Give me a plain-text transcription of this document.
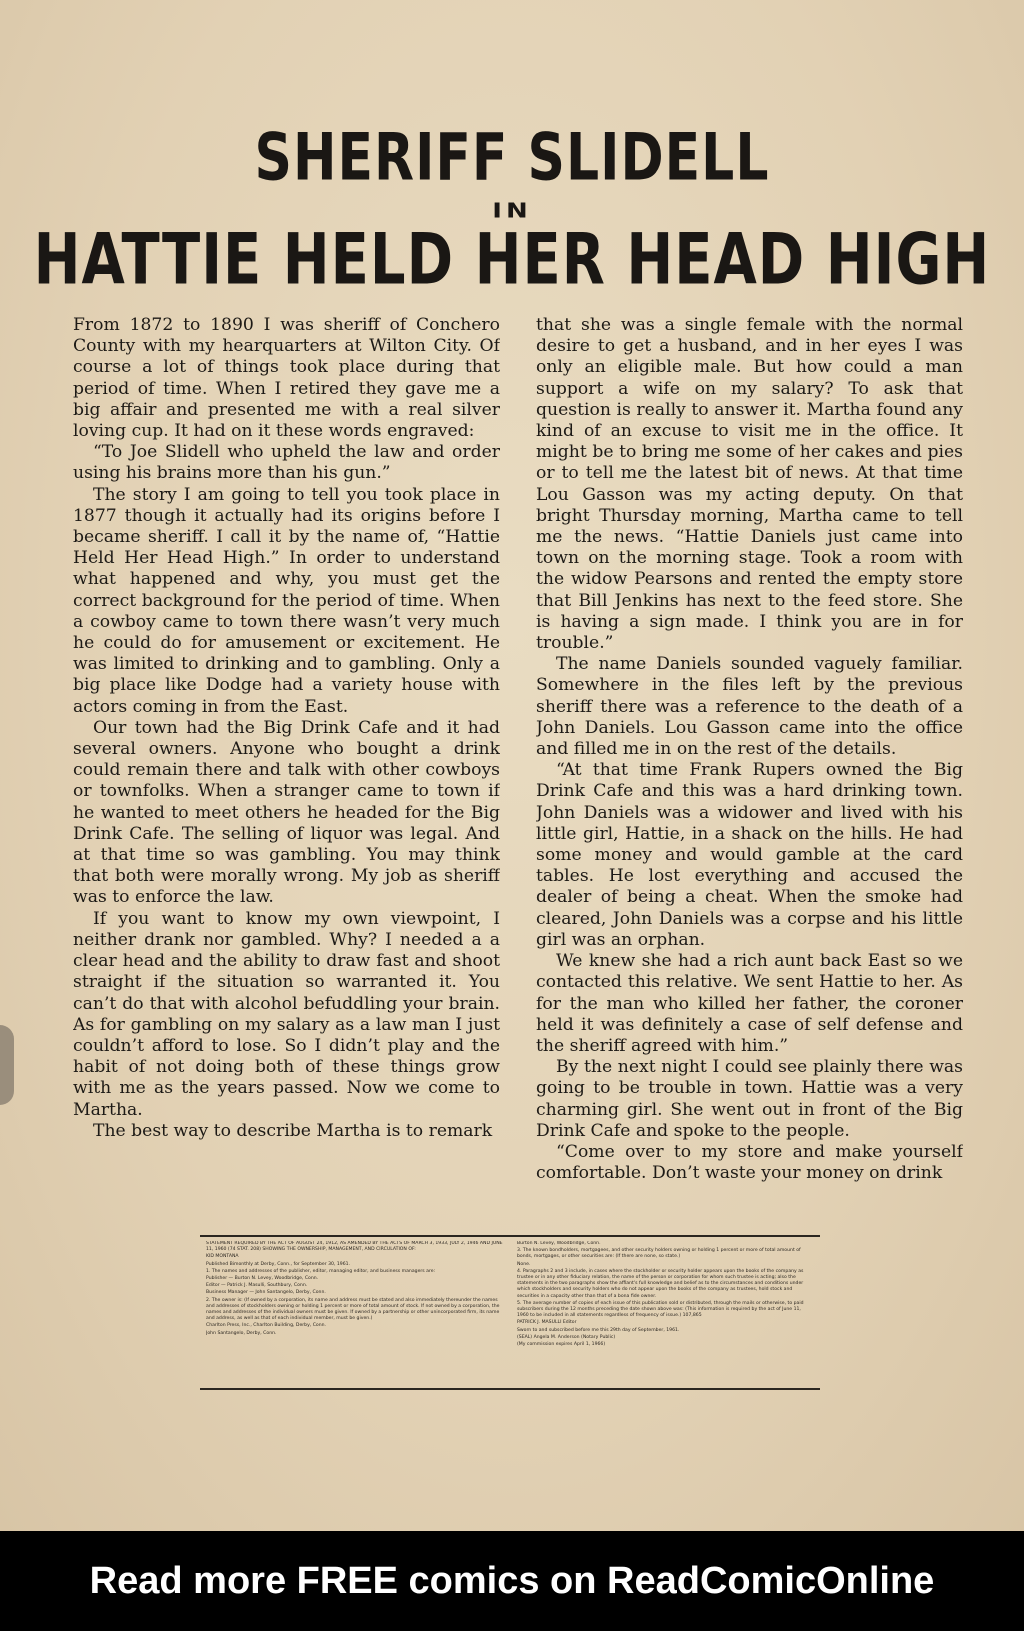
SHERIFF SLIDELL
IN
HATTIE HELD HER HEAD HIGH

From 1872 to 1890 I was sheriff of Conchero County with my hearquarters at Wilton City. Of course a lot of things took place during that period of time. When I retired they gave me a big affair and presented me with a real silver loving cup. It had on it these words engraved:

“To Joe Slidell who upheld the law and order using his brains more than his gun.”

The story I am going to tell you took place in 1877 though it actually had its origins before I became sheriff. I call it by the name of, “Hattie Held Her Head High.” In order to understand what happened and why, you must get the correct background for the period of time. When a cowboy came to town there wasn’t very much he could do for amusement or excitement. He was limited to drinking and to gambling. Only a big place like Dodge had a variety house with actors coming in from the East.

Our town had the Big Drink Cafe and it had several owners. Anyone who bought a drink could remain there and talk with other cowboys or townfolks. When a stranger came to town if he wanted to meet others he headed for the Big Drink Cafe. The selling of liquor was legal. And at that time so was gambling. You may think that both were morally wrong. My job as sheriff was to enforce the law.

If you want to know my own viewpoint, I neither drank nor gambled. Why? I needed a a clear head and the ability to draw fast and shoot straight if the situation so warranted it. You can’t do that with alcohol befuddling your brain. As for gambling on my salary as a law man I just couldn’t afford to lose. So I didn’t play and the habit of not doing both of these things grow with me as the years passed. Now we come to Martha.

The best way to describe Martha is to remark

that she was a single female with the normal desire to get a husband, and in her eyes I was only an eligible male. But how could a man support a wife on my salary? To ask that question is really to answer it. Martha found any kind of an excuse to visit me in the office. It might be to bring me some of her cakes and pies or to tell me the latest bit of news. At that time Lou Gasson was my acting deputy. On that bright Thursday morning, Martha came to tell me the news. “Hattie Daniels just came into town on the morning stage. Took a room with the widow Pearsons and rented the empty store that Bill Jenkins has next to the feed store. She is having a sign made. I think you are in for trouble.”

The name Daniels sounded vaguely familiar. Somewhere in the files left by the previous sheriff there was a reference to the death of a John Daniels. Lou Gasson came into the office and filled me in on the rest of the details.

“At that time Frank Rupers owned the Big Drink Cafe and this was a hard drinking town. John Daniels was a widower and lived with his little girl, Hattie, in a shack on the hills. He had some money and would gamble at the card tables. He lost everything and accused the dealer of being a cheat. When the smoke had cleared, John Daniels was a corpse and his little girl was an orphan.

We knew she had a rich aunt back East so we contacted this relative. We sent Hattie to her. As for the man who killed her father, the coroner held it was definitely a case of self defense and the sheriff agreed with him.”

By the next night I could see plainly there was going to be trouble in town. Hattie was a very charming girl. She went out in front of the Big Drink Cafe and spoke to the people.

“Come over to my store and make yourself comfortable. Don’t waste your money on drink

STATEMENT REQUIRED BY THE ACT OF AUGUST 24, 1912, AS AMENDED BY THE ACTS OF MARCH 3, 1933, JULY 2, 1946 AND JUNE 11, 1960 (74 STAT. 208) SHOWING THE OWNERSHIP, MANAGEMENT, AND CIRCULATION OF:

KID MONTANA

Published Bimonthly at Derby, Conn., for September 30, 1961.

1. The names and addresses of the publisher, editor, managing editor, and business managers are:

Publisher — Burton N. Levey, Woodbridge, Conn.

Editor — Patrick J. Masulli, Southbury, Conn.

Business Manager — John Santangelo, Derby, Conn.

2. The owner is: (If owned by a corporation, its name and address must be stated and also immediately thereunder the names and addresses of stockholders owning or holding 1 percent or more of total amount of stock. If not owned by a corporation, the names and addresses of the individual owners must be given. If owned by a partnership or other unincorporated firm, its name and address, as well as that of each individual member, must be given.)

Charlton Press, Inc., Charlton Building, Derby, Conn.

John Santangelo, Derby, Conn.

Burton N. Levey, Woodbridge, Conn.

3. The known bondholders, mortgagees, and other security holders owning or holding 1 percent or more of total amount of bonds, mortgages, or other securities are: (If there are none, so state.)

None.

4. Paragraphs 2 and 3 include, in cases where the stockholder or security holder appears upon the books of the company as trustee or in any other fiduciary relation, the name of the person or corporation for whom such trustee is acting; also the statements in the two paragraphs show the affiant's full knowledge and belief as to the circumstances and conditions under which stockholders and security holders who do not appear upon the books of the company as trustees, hold stock and securities in a capacity other than that of a bona fide owner.

5. The average number of copies of each issue of this publication sold or distributed, through the mails or otherwise, to paid subscribers during the 12 months preceding the date shown above was: (This information is required by the act of June 11, 1960 to be included in all statements regardless of frequency of issue.) 107,865

PATRICK J. MASULLI Editor

Sworn to and subscribed before me this 29th day of September, 1961.

(SEAL) Angela M. Anderson (Notary Public)

(My commission expires April 1, 1966)

Read more FREE comics on ReadComicOnline
